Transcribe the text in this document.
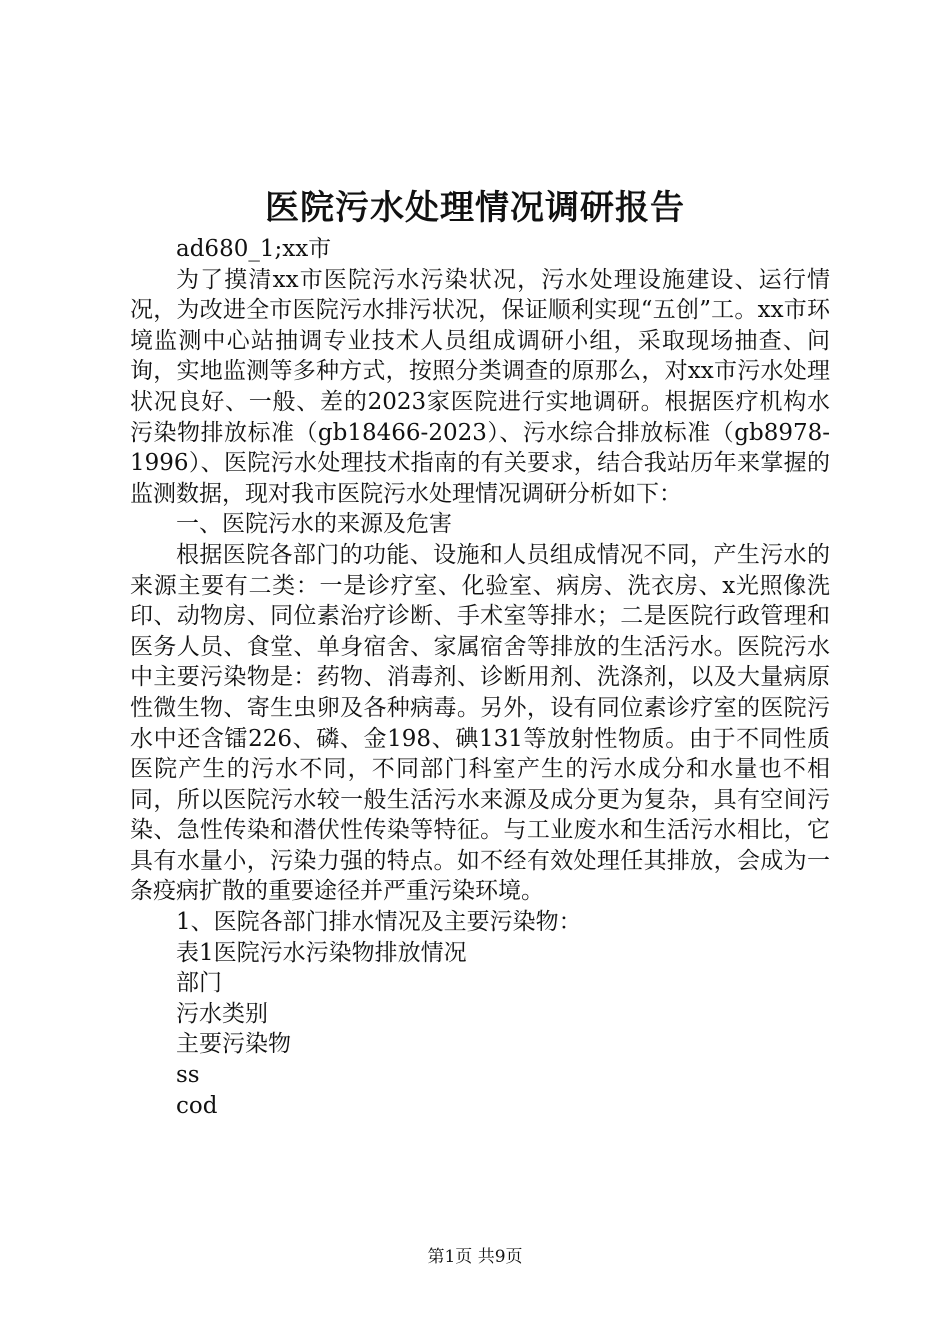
医院污水处理情况调研报告

ad680_1;xx市

为了摸清xx市医院污水污染状况，污水处理设施建设、运行情况，为改进全市医院污水排污状况，保证顺利实现“五创”工。xx市环境监测中心站抽调专业技术人员组成调研小组，采取现场抽查、问询，实地监测等多种方式，按照分类调查的原那么，对xx市污水处理状况良好、一般、差的2023家医院进行实地调研。根据医疗机构水污染物排放标准（gb18466-2023）、污水综合排放标准（gb8978-1996）、医院污水处理技术指南的有关要求，结合我站历年来掌握的监测数据，现对我市医院污水处理情况调研分析如下：

一、医院污水的来源及危害

根据医院各部门的功能、设施和人员组成情况不同，产生污水的来源主要有二类：一是诊疗室、化验室、病房、洗衣房、x光照像洗印、动物房、同位素治疗诊断、手术室等排水；二是医院行政管理和医务人员、食堂、单身宿舍、家属宿舍等排放的生活污水。医院污水中主要污染物是：药物、消毒剂、诊断用剂、洗涤剂，以及大量病原性微生物、寄生虫卵及各种病毒。另外，设有同位素诊疗室的医院污水中还含镭226、磷、金198、碘131等放射性物质。由于不同性质医院产生的污水不同，不同部门科室产生的污水成分和水量也不相同，所以医院污水较一般生活污水来源及成分更为复杂，具有空间污染、急性传染和潜伏性传染等特征。与工业废水和生活污水相比，它具有水量小，污染力强的特点。如不经有效处理任其排放，会成为一条疫病扩散的重要途径并严重污染环境。

1、医院各部门排水情况及主要污染物：

表1医院污水污染物排放情况

部门

污水类别

主要污染物

ss

cod

第1页 共9页
